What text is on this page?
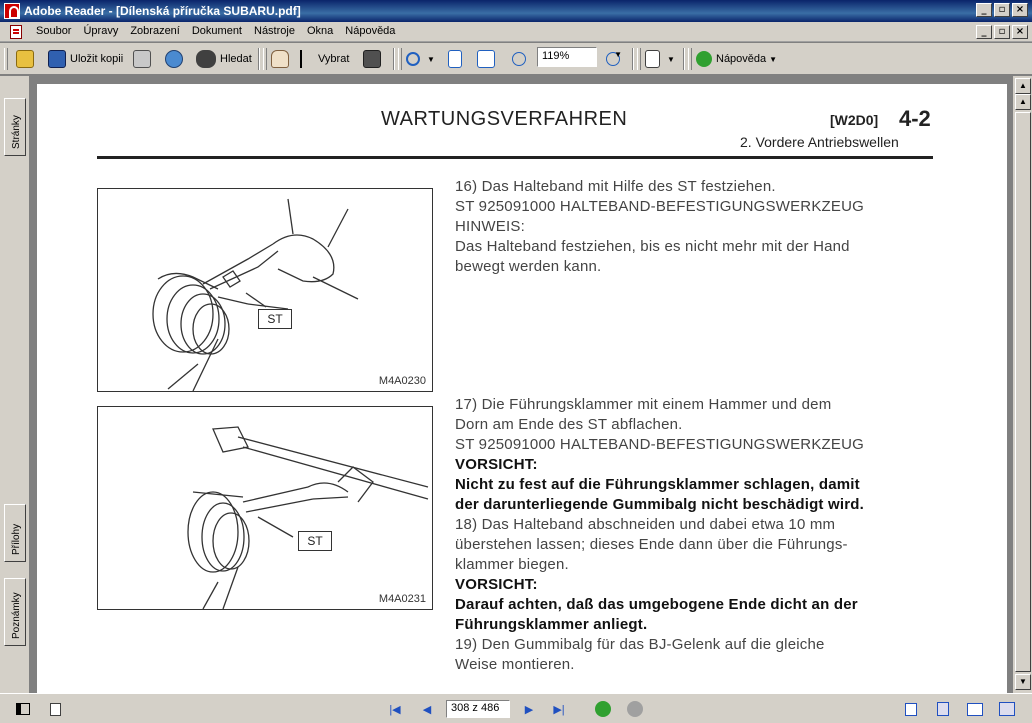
Adobe Reader - [Dílenská příručka SUBARU.pdf]	_	▫	×
Soubor	Úpravy	Zobrazení	Dokument	Nástroje	Okna	Nápověda	_	▫	×
Uložit kopii	Hledat	Vybrat	▼	▼	Nápověda ▼
119%	▼
Stránky
Přílohy
Poznámky
WARTUNGSVERFAHREN	[W2D0] 4-2
2. Vordere Antriebswellen
ST
M4A0230
ST
M4A0231
16) Das Halteband mit Hilfe des ST festziehen.
ST 925091000 HALTEBAND-BEFESTIGUNGSWERKZEUG
HINWEIS:
Das Halteband festziehen, bis es nicht mehr mit der Hand
bewegt werden kann.
17) Die Führungsklammer mit einem Hammer und dem
Dorn am Ende des ST abflachen.
ST 925091000 HALTEBAND-BEFESTIGUNGSWERKZEUG
VORSICHT:
Nicht zu fest auf die Führungsklammer schlagen, damit
der darunterliegende Gummibalg nicht beschädigt wird.
18) Das Halteband abschneiden und dabei etwa 10 mm
überstehen lassen; dieses Ende dann über die Führungs-
klammer biegen.
VORSICHT:
Darauf achten, daß das umgebogene Ende dicht an der
Führungsklammer anliegt.
19) Den Gummibalg für das BJ-Gelenk auf die gleiche
Weise montieren.
▲
▲
▼
|◀ ◀	308 z 486	▶ ▶|
